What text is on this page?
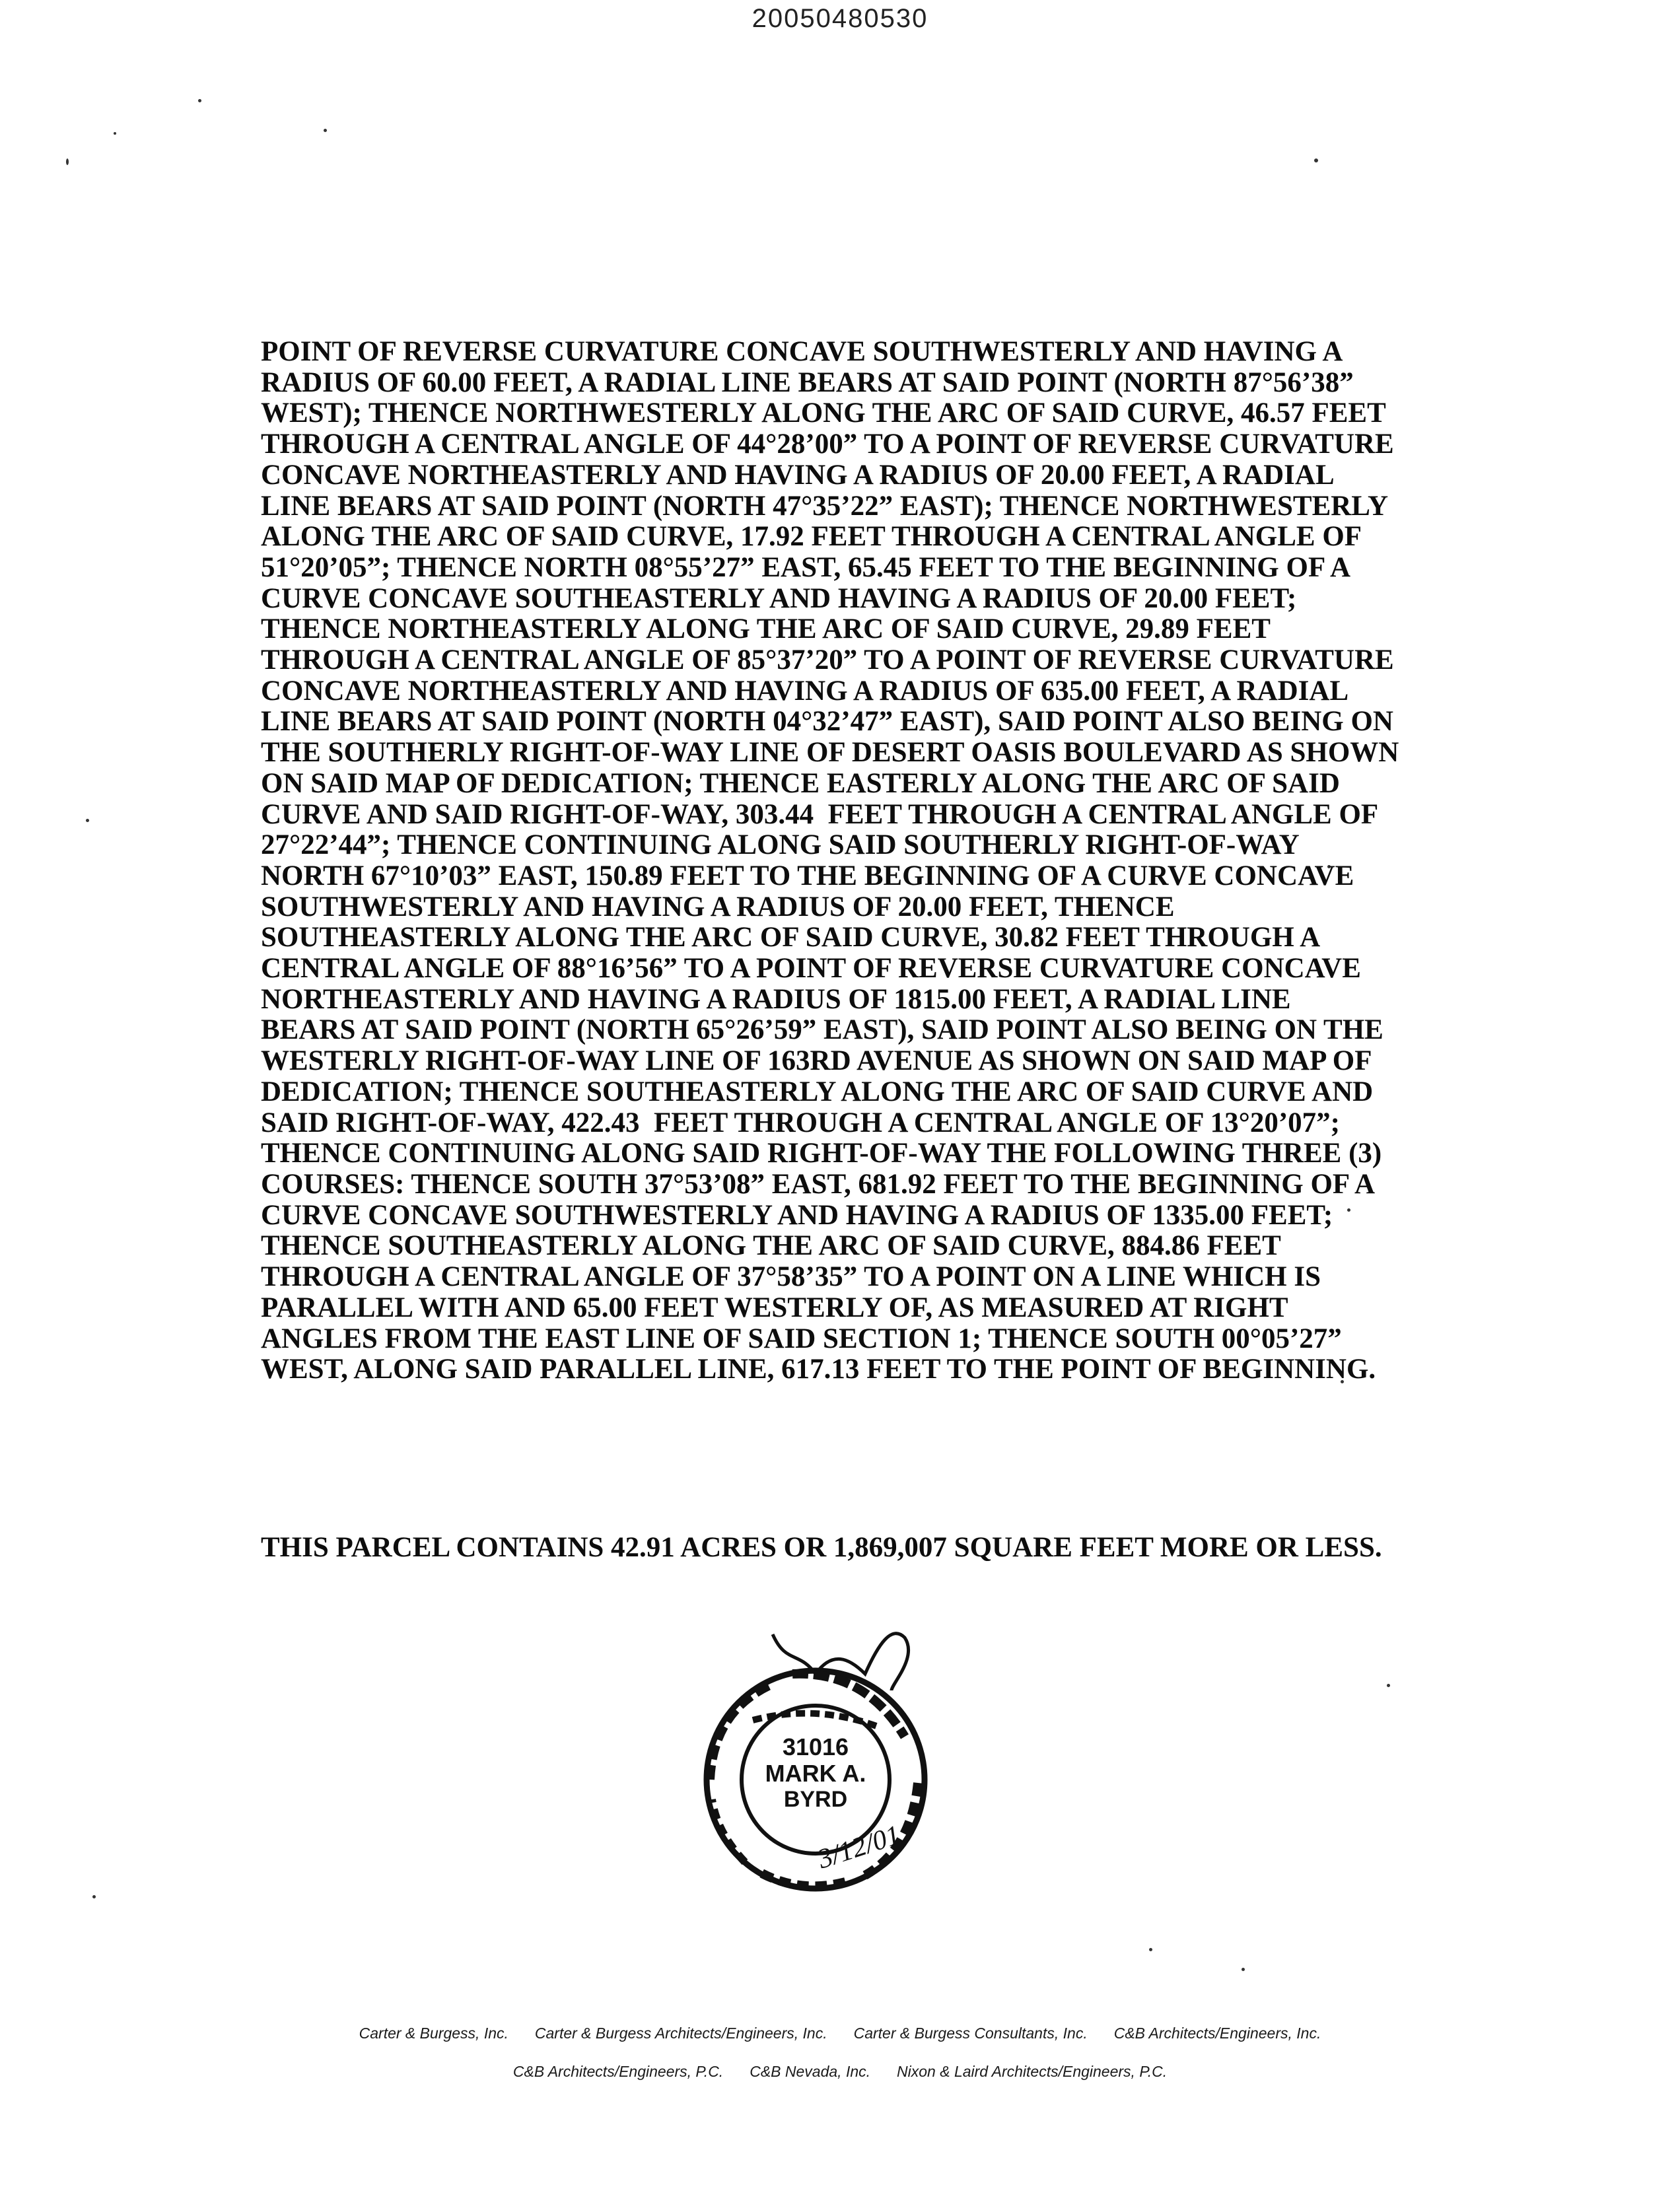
20050480530
POINT OF REVERSE CURVATURE CONCAVE SOUTHWESTERLY AND HAVING A
RADIUS OF 60.00 FEET, A RADIAL LINE BEARS AT SAID POINT (NORTH 87°56’38”
WEST); THENCE NORTHWESTERLY ALONG THE ARC OF SAID CURVE, 46.57 FEET
THROUGH A CENTRAL ANGLE OF 44°28’00” TO A POINT OF REVERSE CURVATURE
CONCAVE NORTHEASTERLY AND HAVING A RADIUS OF 20.00 FEET, A RADIAL
LINE BEARS AT SAID POINT (NORTH 47°35’22” EAST); THENCE NORTHWESTERLY
ALONG THE ARC OF SAID CURVE, 17.92 FEET THROUGH A CENTRAL ANGLE OF
51°20’05”; THENCE NORTH 08°55’27” EAST, 65.45 FEET TO THE BEGINNING OF A
CURVE CONCAVE SOUTHEASTERLY AND HAVING A RADIUS OF 20.00 FEET;
THENCE NORTHEASTERLY ALONG THE ARC OF SAID CURVE, 29.89 FEET
THROUGH A CENTRAL ANGLE OF 85°37’20” TO A POINT OF REVERSE CURVATURE
CONCAVE NORTHEASTERLY AND HAVING A RADIUS OF 635.00 FEET, A RADIAL
LINE BEARS AT SAID POINT (NORTH 04°32’47” EAST), SAID POINT ALSO BEING ON
THE SOUTHERLY RIGHT-OF-WAY LINE OF DESERT OASIS BOULEVARD AS SHOWN
ON SAID MAP OF DEDICATION; THENCE EASTERLY ALONG THE ARC OF SAID
CURVE AND SAID RIGHT-OF-WAY, 303.44  FEET THROUGH A CENTRAL ANGLE OF
27°22’44”; THENCE CONTINUING ALONG SAID SOUTHERLY RIGHT-OF-WAY
NORTH 67°10’03” EAST, 150.89 FEET TO THE BEGINNING OF A CURVE CONCAVE
SOUTHWESTERLY AND HAVING A RADIUS OF 20.00 FEET, THENCE
SOUTHEASTERLY ALONG THE ARC OF SAID CURVE, 30.82 FEET THROUGH A
CENTRAL ANGLE OF 88°16’56” TO A POINT OF REVERSE CURVATURE CONCAVE
NORTHEASTERLY AND HAVING A RADIUS OF 1815.00 FEET, A RADIAL LINE
BEARS AT SAID POINT (NORTH 65°26’59” EAST), SAID POINT ALSO BEING ON THE
WESTERLY RIGHT-OF-WAY LINE OF 163RD AVENUE AS SHOWN ON SAID MAP OF
DEDICATION; THENCE SOUTHEASTERLY ALONG THE ARC OF SAID CURVE AND
SAID RIGHT-OF-WAY, 422.43  FEET THROUGH A CENTRAL ANGLE OF 13°20’07”;
THENCE CONTINUING ALONG SAID RIGHT-OF-WAY THE FOLLOWING THREE (3)
COURSES: THENCE SOUTH 37°53’08” EAST, 681.92 FEET TO THE BEGINNING OF A
CURVE CONCAVE SOUTHWESTERLY AND HAVING A RADIUS OF 1335.00 FEET;
THENCE SOUTHEASTERLY ALONG THE ARC OF SAID CURVE, 884.86 FEET
THROUGH A CENTRAL ANGLE OF 37°58’35” TO A POINT ON A LINE WHICH IS
PARALLEL WITH AND 65.00 FEET WESTERLY OF, AS MEASURED AT RIGHT
ANGLES FROM THE EAST LINE OF SAID SECTION 1; THENCE SOUTH 00°05’27”
WEST, ALONG SAID PARALLEL LINE, 617.13 FEET TO THE POINT OF BEGINNING.
THIS PARCEL CONTAINS 42.91 ACRES OR 1,869,007 SQUARE FEET MORE OR LESS.
31016
MARK A.
BYRD
3/12/01
Carter & Burgess, Inc. Carter & Burgess Architects/Engineers, Inc. Carter & Burgess Consultants, Inc. C&B Architects/Engineers, Inc.
C&B Architects/Engineers, P.C. C&B Nevada, Inc. Nixon & Laird Architects/Engineers, P.C.
